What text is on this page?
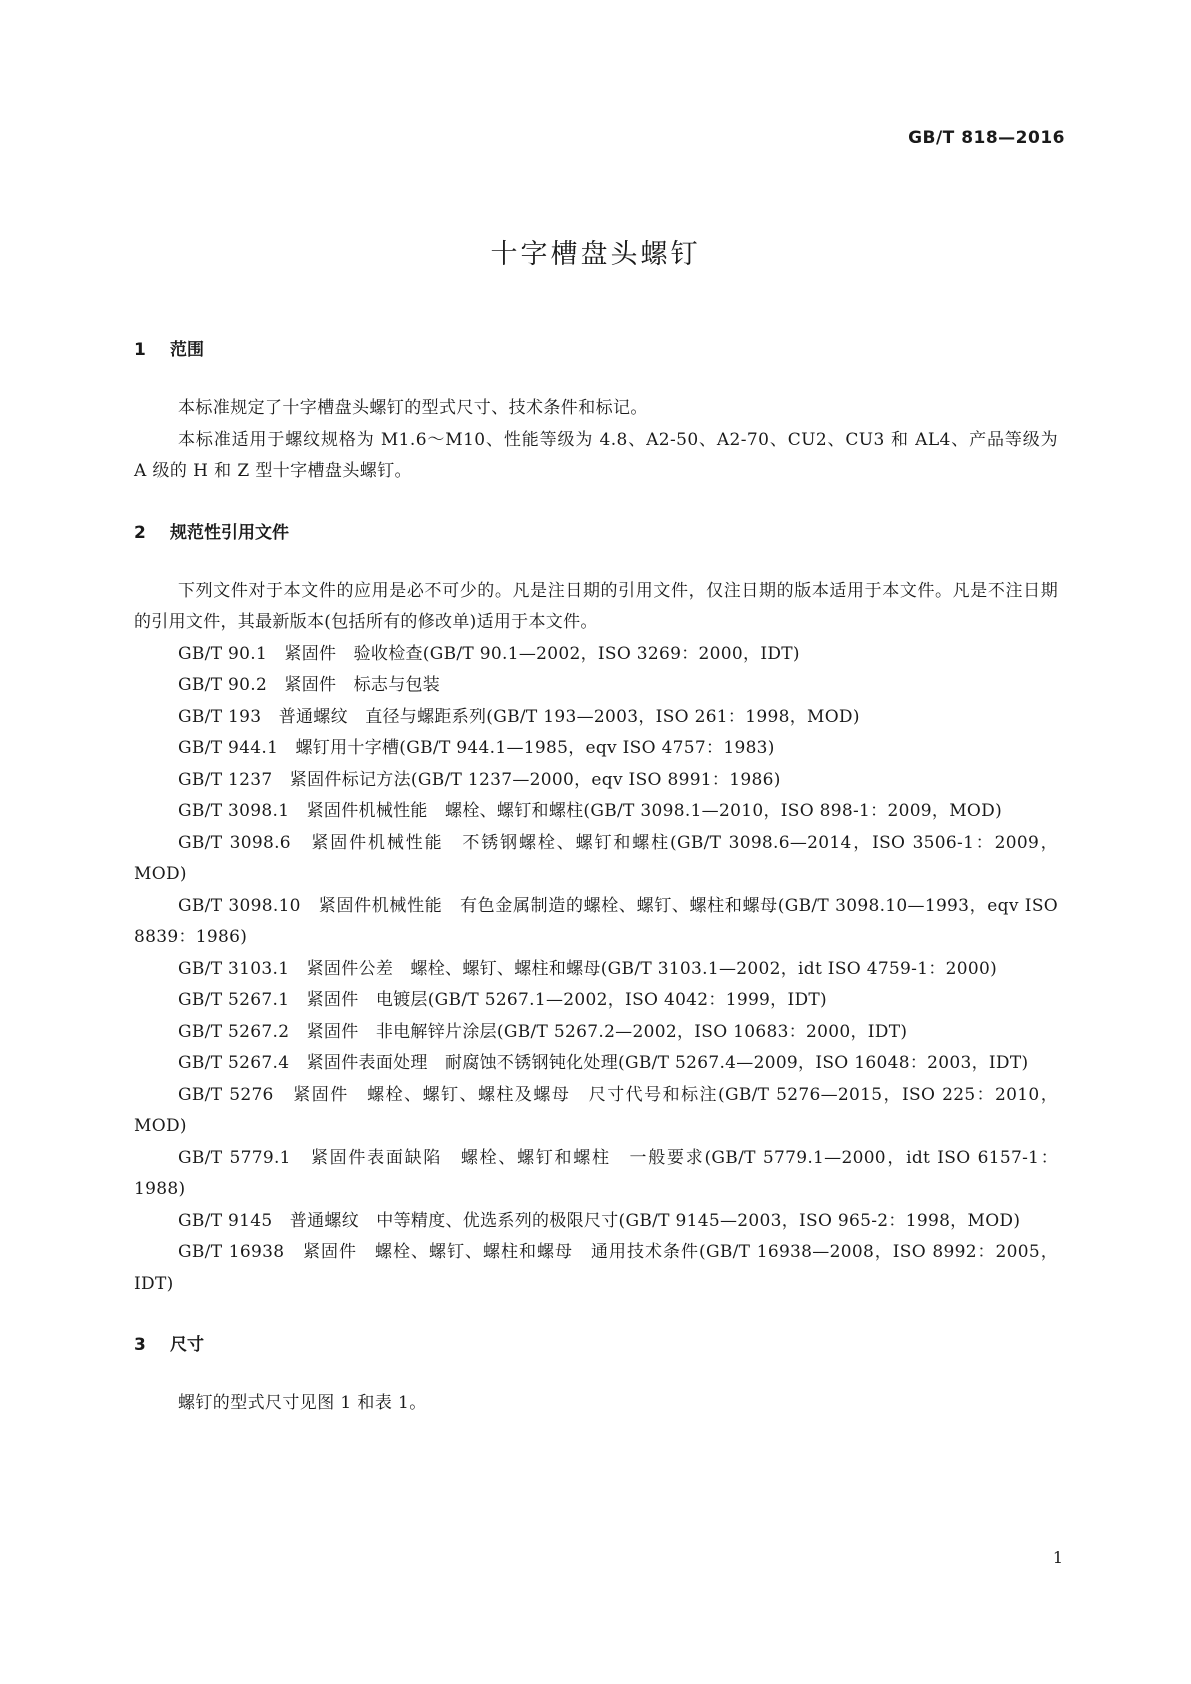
GB/T 818—2016
十字槽盘头螺钉
1 范围

本标准规定了十字槽盘头螺钉的型式尺寸、技术条件和标记。

本标准适用于螺纹规格为 M1.6～M10、性能等级为 4.8、A2-50、A2-70、CU2、CU3 和 AL4、产品等级为 A 级的 H 和 Z 型十字槽盘头螺钉。

2 规范性引用文件

下列文件对于本文件的应用是必不可少的。凡是注日期的引用文件，仅注日期的版本适用于本文件。凡是不注日期的引用文件，其最新版本(包括所有的修改单)适用于本文件。

GB/T 90.1　紧固件　验收检查(GB/T 90.1—2002，ISO 3269：2000，IDT)

GB/T 90.2　紧固件　标志与包装

GB/T 193　普通螺纹　直径与螺距系列(GB/T 193—2003，ISO 261：1998，MOD)

GB/T 944.1　螺钉用十字槽(GB/T 944.1—1985，eqv ISO 4757：1983)

GB/T 1237　紧固件标记方法(GB/T 1237—2000，eqv ISO 8991：1986)

GB/T 3098.1　紧固件机械性能　螺栓、螺钉和螺柱(GB/T 3098.1—2010，ISO 898-1：2009，MOD)

GB/T 3098.6　紧固件机械性能　不锈钢螺栓、螺钉和螺柱(GB/T 3098.6—2014，ISO 3506-1：2009，MOD)

GB/T 3098.10　紧固件机械性能　有色金属制造的螺栓、螺钉、螺柱和螺母(GB/T 3098.10—1993，eqv ISO 8839：1986)

GB/T 3103.1　紧固件公差　螺栓、螺钉、螺柱和螺母(GB/T 3103.1—2002，idt ISO 4759-1：2000)

GB/T 5267.1　紧固件　电镀层(GB/T 5267.1—2002，ISO 4042：1999，IDT)

GB/T 5267.2　紧固件　非电解锌片涂层(GB/T 5267.2—2002，ISO 10683：2000，IDT)

GB/T 5267.4　紧固件表面处理　耐腐蚀不锈钢钝化处理(GB/T 5267.4—2009，ISO 16048：2003，IDT)

GB/T 5276　紧固件　螺栓、螺钉、螺柱及螺母　尺寸代号和标注(GB/T 5276—2015，ISO 225：2010，MOD)

GB/T 5779.1　紧固件表面缺陷　螺栓、螺钉和螺柱　一般要求(GB/T 5779.1—2000，idt ISO 6157-1：1988)

GB/T 9145　普通螺纹　中等精度、优选系列的极限尺寸(GB/T 9145—2003，ISO 965-2：1998，MOD)

GB/T 16938　紧固件　螺栓、螺钉、螺柱和螺母　通用技术条件(GB/T 16938—2008，ISO 8992：2005，IDT)

3 尺寸

螺钉的型式尺寸见图 1 和表 1。

1
